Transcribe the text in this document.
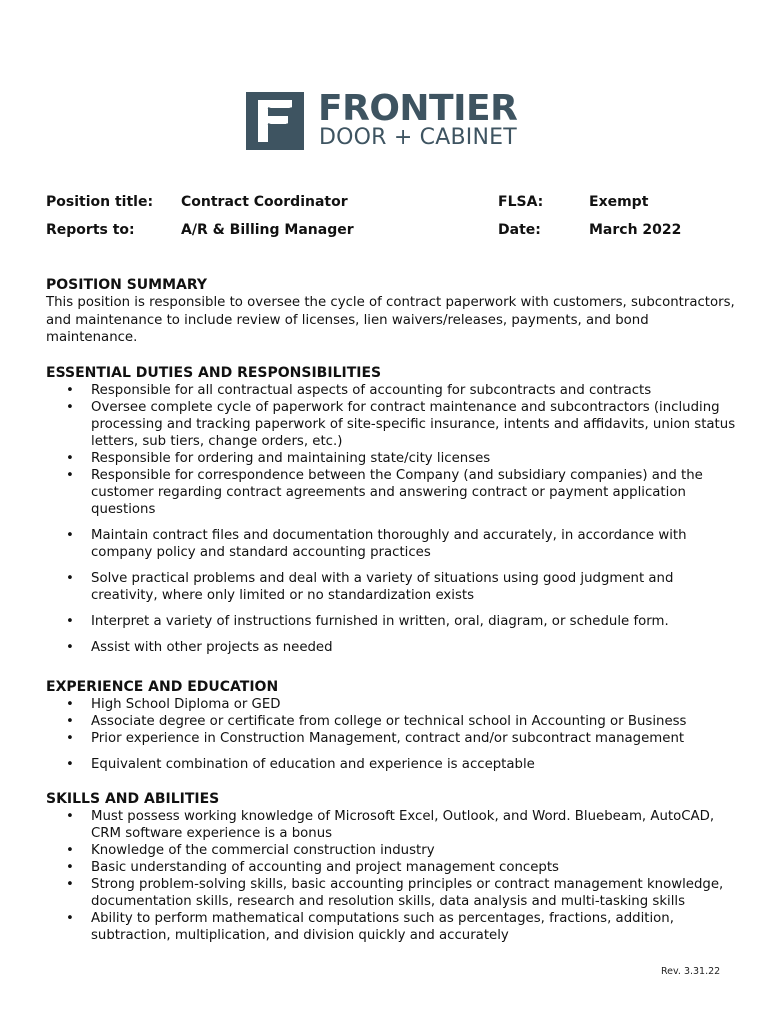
FRONTIER
DOOR + CABINET
Position title: Contract Coordinator	FLSA:	Exempt
Reports to:	A/R & Billing Manager	Date:	March 2022
POSITION SUMMARY
This position is responsible to oversee the cycle of contract paperwork with customers, subcontractors, and maintenance to include review of licenses, lien waivers/releases, payments, and bond maintenance.
ESSENTIAL DUTIES AND RESPONSIBILITIES
• Responsible for all contractual aspects of accounting for subcontracts and contracts
• Oversee complete cycle of paperwork for contract maintenance and subcontractors (including processing and tracking paperwork of site-specific insurance, intents and affidavits, union status letters, sub tiers, change orders, etc.)
• Responsible for ordering and maintaining state/city licenses
• Responsible for correspondence between the Company (and subsidiary companies) and the customer regarding contract agreements and answering contract or payment application questions
• Maintain contract files and documentation thoroughly and accurately, in accordance with company policy and standard accounting practices
• Solve practical problems and deal with a variety of situations using good judgment and creativity, where only limited or no standardization exists
• Interpret a variety of instructions furnished in written, oral, diagram, or schedule form.
• Assist with other projects as needed
EXPERIENCE AND EDUCATION
• High School Diploma or GED
• Associate degree or certificate from college or technical school in Accounting or Business
• Prior experience in Construction Management, contract and/or subcontract management
• Equivalent combination of education and experience is acceptable
SKILLS AND ABILITIES
• Must possess working knowledge of Microsoft Excel, Outlook, and Word. Bluebeam, AutoCAD, CRM software experience is a bonus
• Knowledge of the commercial construction industry
• Basic understanding of accounting and project management concepts
• Strong problem-solving skills, basic accounting principles or contract management knowledge, documentation skills, research and resolution skills, data analysis and multi-tasking skills
• Ability to perform mathematical computations such as percentages, fractions, addition, subtraction, multiplication, and division quickly and accurately
Rev. 3.31.22
